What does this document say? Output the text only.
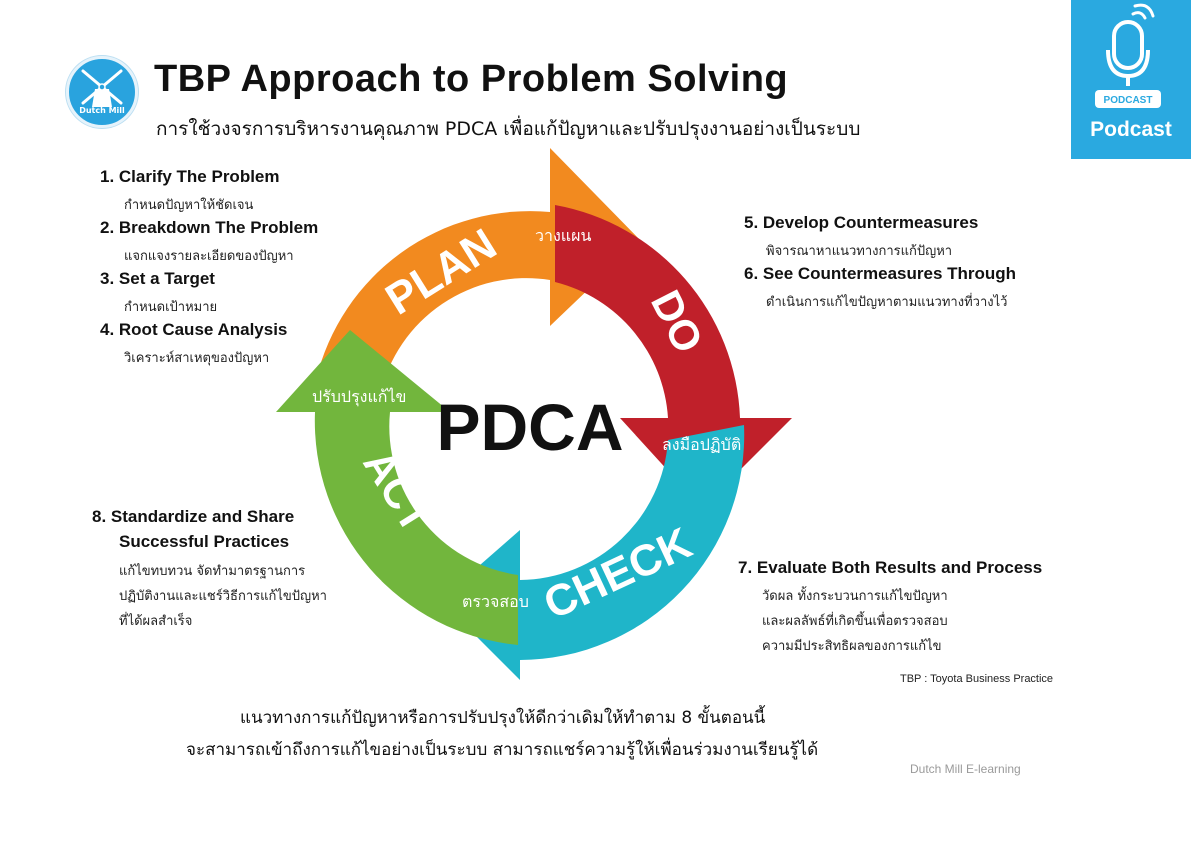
Dutch Mill
TBP Approach to Problem Solving
การใช้วงจรการบริหารงานคุณภาพ PDCA เพื่อแก้ปัญหาและปรับปรุงงานอย่างเป็นระบบ
PODCAST
Podcast
PLAN วางแผน
DO
ลงมือปฏิบัติ
CHECK
ตรวจสอบ
ACT
ปรับปรุงแก้ไข PDCA
1. Clarify The Problem
กำหนดปัญหาให้ชัดเจน
2. Breakdown The Problem
แจกแจงรายละเอียดของปัญหา
3. Set a Target
กำหนดเป้าหมาย
4. Root Cause Analysis
วิเคราะห์สาเหตุของปัญหา
5. Develop Countermeasures
พิจารณาหาแนวทางการแก้ปัญหา
6. See Countermeasures Through
ดำเนินการแก้ไขปัญหาตามแนวทางที่วางไว้
7. Evaluate Both Results and Process
วัดผล ทั้งกระบวนการแก้ไขปัญหา
และผลลัพธ์ที่เกิดขึ้นเพื่อตรวจสอบ
ความมีประสิทธิผลของการแก้ไข
8. Standardize and Share
Successful Practices
แก้ไขทบทวน จัดทำมาตรฐานการ
ปฏิบัติงานและแชร์วิธีการแก้ไขปัญหา
ที่ได้ผลสำเร็จ
TBP : Toyota Business Practice
แนวทางการแก้ปัญหาหรือการปรับปรุงให้ดีกว่าเดิมให้ทำตาม 8 ขั้นตอนนี้
จะสามารถเข้าถึงการแก้ไขอย่างเป็นระบบ สามารถแชร์ความรู้ให้เพื่อนร่วมงานเรียนรู้ได้
Dutch Mill E-learning
